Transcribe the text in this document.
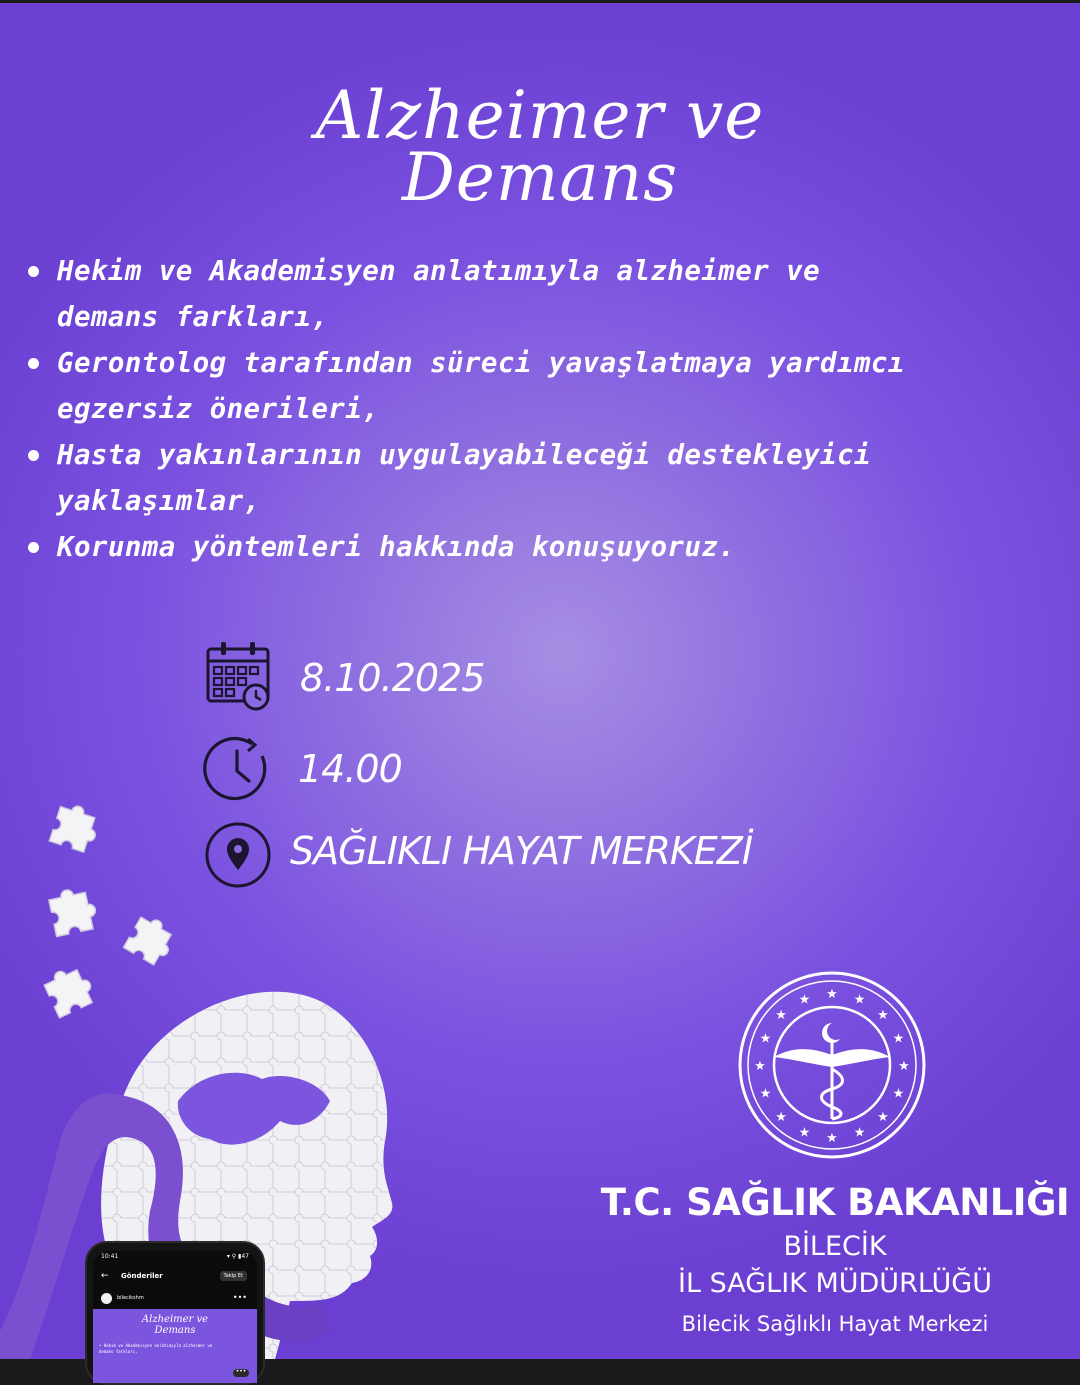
Alzheimer ve
Demans
Hekim ve Akademisyen anlatımıyla alzheimer ve
demans farkları,
Gerontolog tarafından süreci yavaşlatmaya yardımcı
egzersiz önerileri,
Hasta yakınlarının uygulayabileceği destekleyici
yaklaşımlar,
Korunma yöntemleri hakkında konuşuyoruz.
8.10.2025
14.00
SAĞLIKLI HAYAT MERKEZİ
★ ★
★
★
★
★
★
★
★
★
★
★
★
★
★
★
T.C. SAĞLIK BAKANLIĞI
BİLECİK
İL SAĞLIK MÜDÜRLÜĞÜ
Bilecik Sağlıklı Hayat Merkezi
10:41	▾ ⚲ ▮47
← Gönderiler	Takip Et
bilecikshm	•••
Alzheimer ve
Demans
• Hekim ve Akademisyen anlatımıyla alzheimer ve
demans farkları,
•••
